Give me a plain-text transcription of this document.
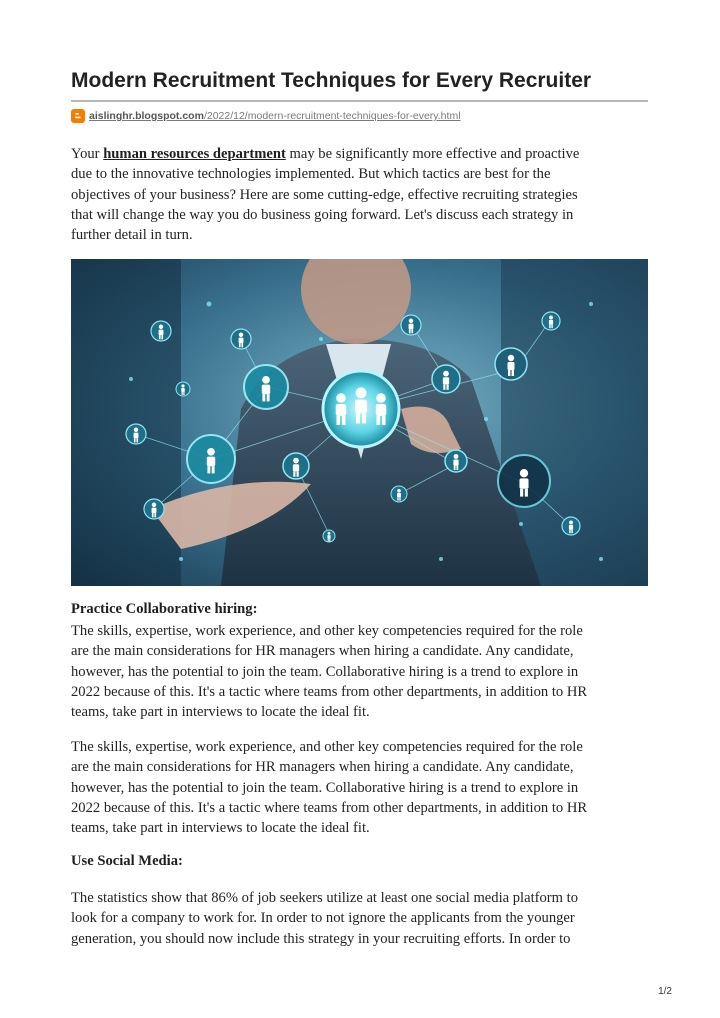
Modern Recruitment Techniques for Every Recruiter
aislinghr.blogspot.com/2022/12/modern-recruitment-techniques-for-every.html

Your human resources department may be significantly more effective and proactive
due to the innovative technologies implemented. But which tactics are best for the
objectives of your business? Here are some cutting-edge, effective recruiting strategies
that will change the way you do business going forward. Let's discuss each strategy in
further detail in turn.

Practice Collaborative hiring:

The skills, expertise, work experience, and other key competencies required for the role
are the main considerations for HR managers when hiring a candidate. Any candidate,
however, has the potential to join the team. Collaborative hiring is a trend to explore in
2022 because of this. It's a tactic where teams from other departments, in addition to HR
teams, take part in interviews to locate the ideal fit.

The skills, expertise, work experience, and other key competencies required for the role
are the main considerations for HR managers when hiring a candidate. Any candidate,
however, has the potential to join the team. Collaborative hiring is a trend to explore in
2022 because of this. It's a tactic where teams from other departments, in addition to HR
teams, take part in interviews to locate the ideal fit.

Use Social Media:

The statistics show that 86% of job seekers utilize at least one social media platform to
look for a company to work for. In order to not ignore the applicants from the younger
generation, you should now include this strategy in your recruiting efforts. In order to

1/2
